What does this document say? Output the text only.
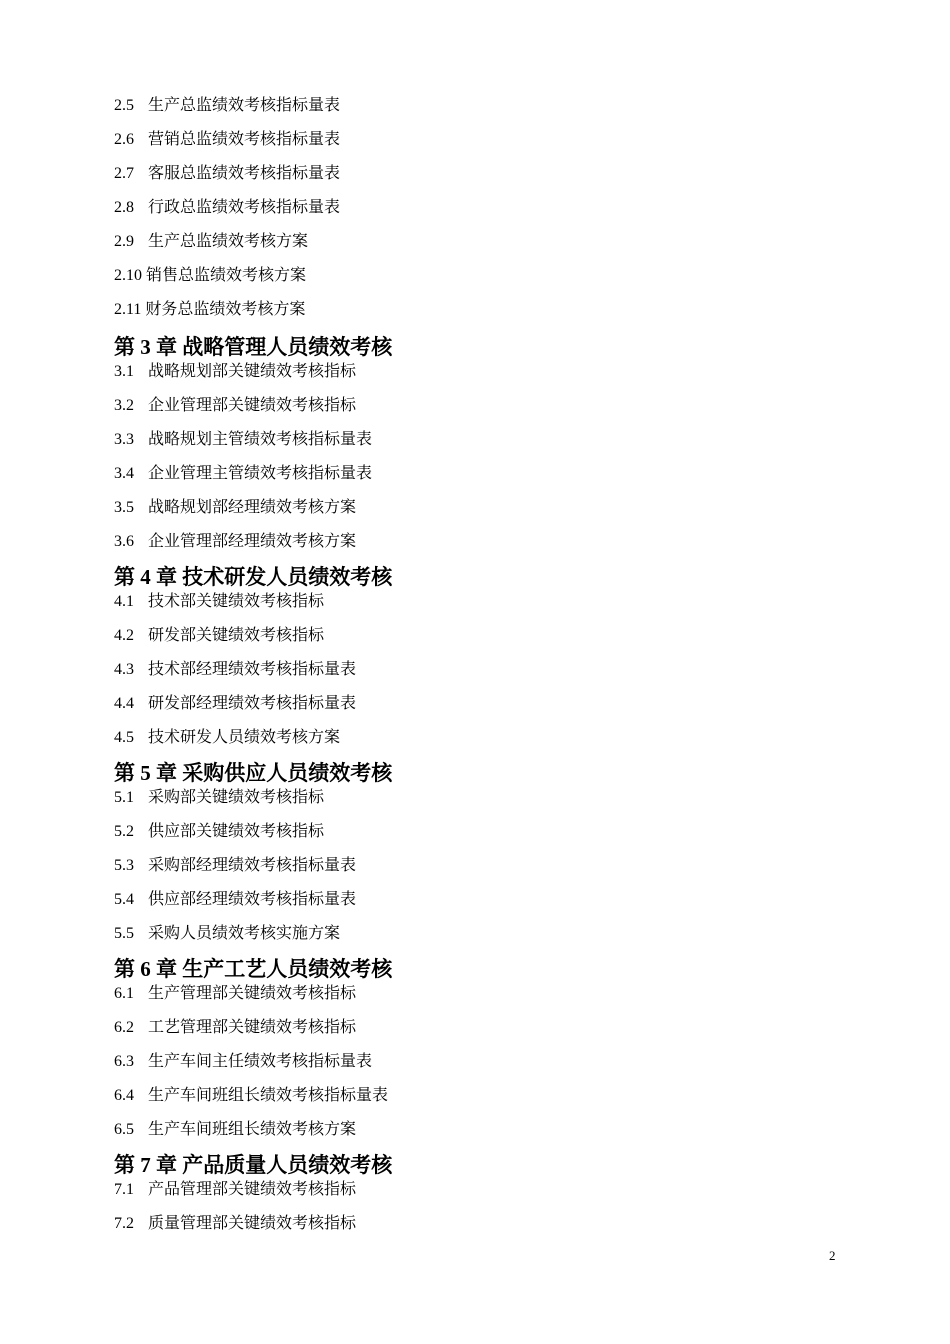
2.5 生产总监绩效考核指标量表
2.6 营销总监绩效考核指标量表
2.7 客服总监绩效考核指标量表
2.8 行政总监绩效考核指标量表
2.9 生产总监绩效考核方案
2.10 销售总监绩效考核方案
2.11 财务总监绩效考核方案
第 3 章 战略管理人员绩效考核
3.1 战略规划部关键绩效考核指标
3.2 企业管理部关键绩效考核指标
3.3 战略规划主管绩效考核指标量表
3.4 企业管理主管绩效考核指标量表
3.5 战略规划部经理绩效考核方案
3.6 企业管理部经理绩效考核方案
第 4 章 技术研发人员绩效考核
4.1 技术部关键绩效考核指标
4.2 研发部关键绩效考核指标
4.3 技术部经理绩效考核指标量表
4.4 研发部经理绩效考核指标量表
4.5 技术研发人员绩效考核方案
第 5 章 采购供应人员绩效考核
5.1 采购部关键绩效考核指标
5.2 供应部关键绩效考核指标
5.3 采购部经理绩效考核指标量表
5.4 供应部经理绩效考核指标量表
5.5 采购人员绩效考核实施方案
第 6 章 生产工艺人员绩效考核
6.1 生产管理部关键绩效考核指标
6.2 工艺管理部关键绩效考核指标
6.3 生产车间主任绩效考核指标量表
6.4 生产车间班组长绩效考核指标量表
6.5 生产车间班组长绩效考核方案
第 7 章 产品质量人员绩效考核
7.1 产品管理部关键绩效考核指标
7.2 质量管理部关键绩效考核指标
2
